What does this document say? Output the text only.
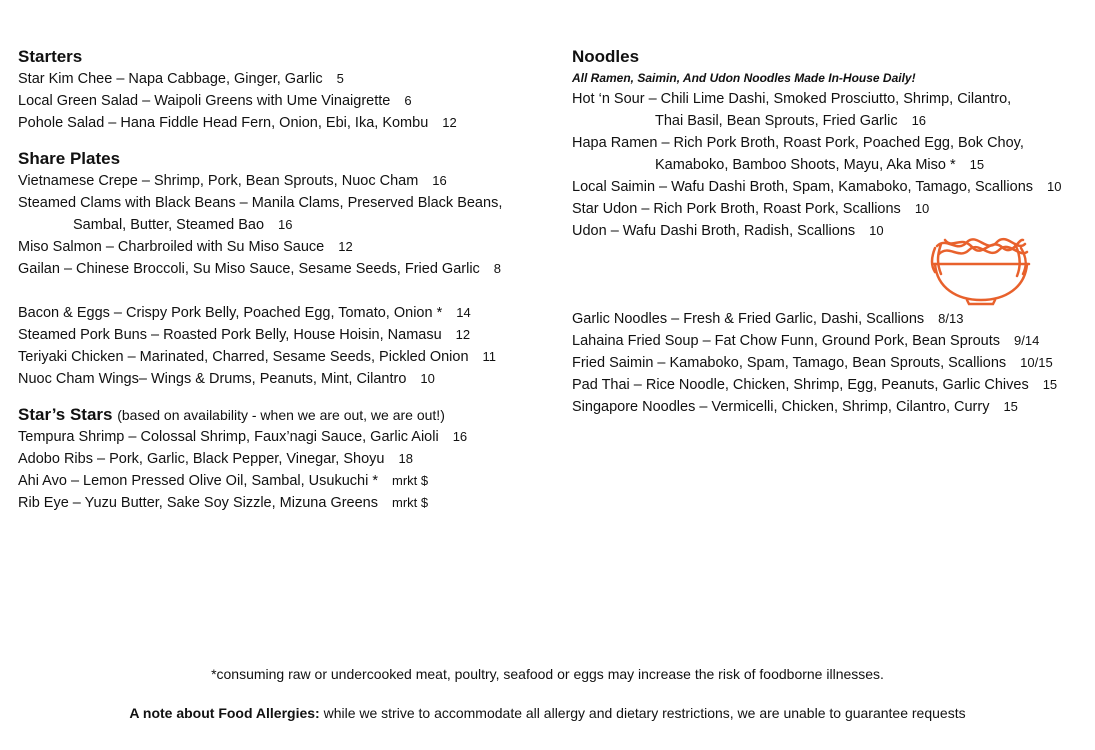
Starters
Star Kim Chee – Napa Cabbage, Ginger, Garlic 5
Local Green Salad – Waipoli Greens with Ume Vinaigrette 6
Pohole Salad – Hana Fiddle Head Fern, Onion, Ebi, Ika, Kombu 12
Share Plates
Vietnamese Crepe – Shrimp, Pork, Bean Sprouts, Nuoc Cham 16
Steamed Clams with Black Beans – Manila Clams, Preserved Black Beans,
Sambal, Butter, Steamed Bao 16
Miso Salmon – Charbroiled with Su Miso Sauce 12
Gailan – Chinese Broccoli, Su Miso Sauce, Sesame Seeds, Fried Garlic 8
Bacon & Eggs – Crispy Pork Belly, Poached Egg, Tomato, Onion * 14
Steamed Pork Buns – Roasted Pork Belly, House Hoisin, Namasu 12
Teriyaki Chicken – Marinated, Charred, Sesame Seeds, Pickled Onion 11
Nuoc Cham Wings– Wings & Drums, Peanuts, Mint, Cilantro 10
Star’s Stars (based on availability - when we are out, we are out!)
Tempura Shrimp – Colossal Shrimp, Faux’nagi Sauce, Garlic Aioli 16
Adobo Ribs – Pork, Garlic, Black Pepper, Vinegar, Shoyu 18
Ahi Avo – Lemon Pressed Olive Oil, Sambal, Usukuchi * mrkt $
Rib Eye – Yuzu Butter, Sake Soy Sizzle, Mizuna Greens mrkt $
Noodles
All Ramen, Saimin, And Udon Noodles Made In-House Daily!
Hot ‘n Sour – Chili Lime Dashi, Smoked Prosciutto, Shrimp, Cilantro,
Thai Basil, Bean Sprouts, Fried Garlic 16
Hapa Ramen – Rich Pork Broth, Roast Pork, Poached Egg, Bok Choy,
Kamaboko, Bamboo Shoots, Mayu, Aka Miso * 15
Local Saimin – Wafu Dashi Broth, Spam, Kamaboko, Tamago, Scallions 10
Star Udon – Rich Pork Broth, Roast Pork, Scallions 10
Udon – Wafu Dashi Broth, Radish, Scallions 10
Garlic Noodles – Fresh & Fried Garlic, Dashi, Scallions 8/13
Lahaina Fried Soup – Fat Chow Funn, Ground Pork, Bean Sprouts 9/14
Fried Saimin – Kamaboko, Spam, Tamago, Bean Sprouts, Scallions 10/15
Pad Thai – Rice Noodle, Chicken, Shrimp, Egg, Peanuts, Garlic Chives 15
Singapore Noodles – Vermicelli, Chicken, Shrimp, Cilantro, Curry 15
*consuming raw or undercooked meat, poultry, seafood or eggs may increase the risk of foodborne illnesses.
A note about Food Allergies: while we strive to accommodate all allergy and dietary restrictions, we are unable to guarantee requests
